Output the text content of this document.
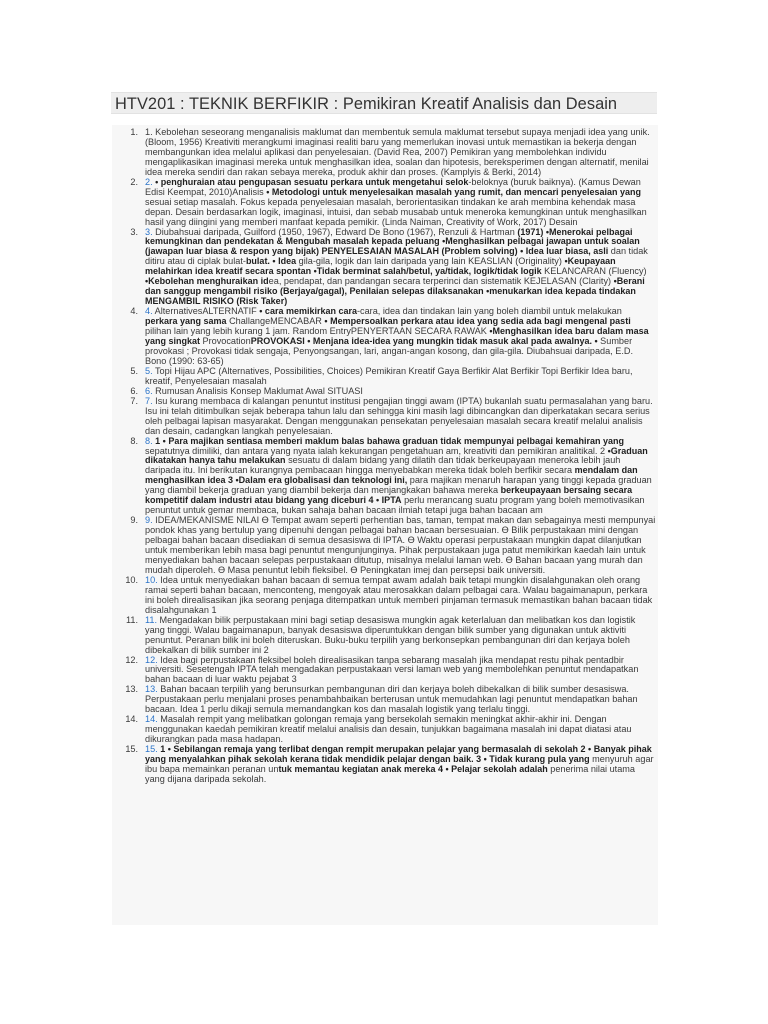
HTV201 : TEKNIK BERFIKIR : Pemikiran Kreatif Analisis dan Desain
1. 1. Kebolehan seseorang menganalisis maklumat dan membentuk semula maklumat tersebut supaya menjadi idea yang unik. (Bloom, 1956) Kreativiti merangkumi imaginasi realiti baru yang memerlukan inovasi untuk memastikan ia bekerja dengan membangunkan idea melalui aplikasi dan penyelesaian. (David Rea, 2007) Pemikiran yang membolehkan individu mengaplikasikan imaginasi mereka untuk menghasilkan idea, soalan dan hipotesis, bereksperimen dengan alternatif, menilai idea mereka sendiri dan rakan sebaya mereka, produk akhir dan proses. (Kamplyis & Berki, 2014)
2. 2. • penghuraian atau pengupasan sesuatu perkara untuk mengetahui selok-beloknya (buruk baiknya). (Kamus Dewan Edisi Keempat, 2010)Analisis • Metodologi untuk menyelesaikan masalah yang rumit, dan mencari penyelesaian yang sesuai setiap masalah. Fokus kepada penyelesaian masalah, berorientasikan tindakan ke arah membina kehendak masa depan. Desain berdasarkan logik, imaginasi, intuisi, dan sebab musabab untuk meneroka kemungkinan untuk menghasilkan hasil yang diingini yang memberi manfaat kepada pemikir. (Linda Naiman, Creativity of Work, 2017) Desain
3. 3. Diubahsuai daripada, Guilford (1950, 1967), Edward De Bono (1967), Renzuli & Hartman (1971) •Menerokai pelbagai kemungkinan dan pendekatan & Mengubah masalah kepada peluang •Menghasilkan pelbagai jawapan untuk soalan (jawapan luar biasa & respon yang bijak) PENYELESAIAN MASALAH (Problem solving) • Idea luar biasa, asli dan tidak ditiru atau di ciplak bulat-bulat. • Idea gila-gila, logik dan lain daripada yang lain KEASLIAN (Originality) •Keupayaan melahirkan idea kreatif secara spontan •Tidak berminat salah/betul, ya/tidak, logik/tidak logik KELANCARAN (Fluency) •Kebolehan menghuraikan idea, pendapat, dan pandangan secara terperinci dan sistematik KEJELASAN (Clarity) •Berani dan sanggup mengambil risiko (Berjaya/gagal), Penilaian selepas dilaksanakan •menukarkan idea kepada tindakan MENGAMBIL RISIKO (Risk Taker)
4. 4. AlternativesALTERNATIF • cara memikirkan cara-cara, idea dan tindakan lain yang boleh diambil untuk melakukan perkara yang sama ChallangeMENCABAR • Mempersoalkan perkara atau idea yang sedia ada bagi mengenal pasti pilihan lain yang lebih kurang 1 jam. Random EntryPENYERTAAN SECARA RAWAK •Menghasilkan idea baru dalam masa yang singkat ProvocationPROVOKASI • Menjana idea-idea yang mungkin tidak masuk akal pada awalnya. • Sumber provokasi ; Provokasi tidak sengaja, Penyongsangan, lari, angan-angan kosong, dan gila-gila. Diubahsuai daripada, E.D. Bono (1990: 63-65)
5. 5. Topi Hijau APC (Alternatives, Possibilities, Choices) Pemikiran Kreatif Gaya Berfikir Alat Berfikir Topi Berfikir Idea baru, kreatif, Penyelesaian masalah
6. 6. Rumusan Analisis Konsep Maklumat Awal SITUASI
7. 7. Isu kurang membaca di kalangan penuntut institusi pengajian tinggi awam (IPTA) bukanlah suatu permasalahan yang baru. Isu ini telah ditimbulkan sejak beberapa tahun lalu dan sehingga kini masih lagi dibincangkan dan diperkatakan secara serius oleh pelbagai lapisan masyarakat. Dengan menggunakan pensekatan penyelesaian masalah secara kreatif melalui analisis dan desain, cadangkan langkah penyelesaian.
8. 8. 1 • Para majikan sentiasa memberi maklum balas bahawa graduan tidak mempunyai pelbagai kemahiran yang sepatutnya dimiliki, dan antara yang nyata ialah kekurangan pengetahuan am, kreativiti dan pemikiran analitikal. 2 •Graduan dikatakan hanya tahu melakukan sesuatu di dalam bidang yang dilatih dan tidak berkeupayaan meneroka lebih jauh daripada itu. Ini berikutan kurangnya pembacaan hingga menyebabkan mereka tidak boleh berfikir secara mendalam dan menghasilkan idea 3 •Dalam era globalisasi dan teknologi ini, para majikan menaruh harapan yang tinggi kepada graduan yang diambil bekerja graduan yang diambil bekerja dan menjangkakan bahawa mereka berkeupayaan bersaing secara kompetitif dalam industri atau bidang yang diceburi 4 • IPTA perlu merancang suatu program yang boleh memotivasikan penuntut untuk gemar membaca, bukan sahaja bahan bacaan ilmiah tetapi juga bahan bacaan am
9. 9. IDEA/MEKANISME NILAI ϴ Tempat awam seperti perhentian bas, taman, tempat makan dan sebagainya mesti mempunyai pondok khas yang bertulup yang dipenuhi dengan pelbagai bahan bacaan bersesuaian. ϴ Bilik perpustakaan mini dengan pelbagai bahan bacaan disediakan di semua desasiswa di IPTA. ϴ Waktu operasi perpustakaan mungkin dapat dilanjutkan untuk memberikan lebih masa bagi penuntut mengunjunginya. Pihak perpustakaan juga patut memikirkan kaedah lain untuk menyediakan bahan bacaan selepas perpustakaan ditutup, misalnya melalui laman web. ϴ Bahan bacaan yang murah dan mudah diperoleh. ϴ Masa penuntut lebih fleksibel. ϴ Peningkatan imej dan persepsi baik universiti.
10. 10. Idea untuk menyediakan bahan bacaan di semua tempat awam adalah baik tetapi mungkin disalahgunakan oleh orang ramai seperti bahan bacaan, menconteng, mengoyak atau merosakkan dalam pelbagai cara. Walau bagaimanapun, perkara ini boleh direalisasikan jika seorang penjaga ditempatkan untuk memberi pinjaman termasuk memastikan bahan bacaan tidak disalahgunakan 1
11. 11. Mengadakan bilik perpustakaan mini bagi setiap desasiswa mungkin agak keterlaluan dan melibatkan kos dan logistik yang tinggi. Walau bagaimanapun, banyak desasiswa diperuntukkan dengan bilik sumber yang digunakan untuk aktiviti penuntut. Peranan bilik ini boleh diteruskan. Buku-buku terpilih yang berkonsepkan pembangunan diri dan kerjaya boleh dibekalkan di bilik sumber ini 2
12. 12. Idea bagi perpustakaan fleksibel boleh direalisasikan tanpa sebarang masalah jika mendapat restu pihak pentadbir universiti. Sesetengah IPTA telah mengadakan perpustakaan versi laman web yang membolehkan penuntut mendapatkan bahan bacaan di luar waktu pejabat 3
13. 13. Bahan bacaan terpilih yang berunsurkan pembangunan diri dan kerjaya boleh dibekalkan di bilik sumber desasiswa. Perpustakaan perlu menjalani proses penambahbaikan berterusan untuk memudahkan lagi penuntut mendapatkan bahan bacaan. Idea 1 perlu dikaji semula memandangkan kos dan masalah logistik yang terlalu tinggi.
14. 14. Masalah rempit yang melibatkan golongan remaja yang bersekolah semakin meningkat akhir-akhir ini. Dengan menggunakan kaedah pemikiran kreatif melalui analisis dan desain, tunjukkan bagaimana masalah ini dapat diatasi atau dikurangkan pada masa hadapan.
15. 15. 1 • Sebilangan remaja yang terlibat dengan rempit merupakan pelajar yang bermasalah di sekolah 2 • Banyak pihak yang menyalahkan pihak sekolah kerana tidak mendidik pelajar dengan baik. 3 • Tidak kurang pula yang menyuruh agar ibu bapa memainkan peranan untuk memantau kegiatan anak mereka 4 • Pelajar sekolah adalah penerima nilai utama yang dijana daripada sekolah.
